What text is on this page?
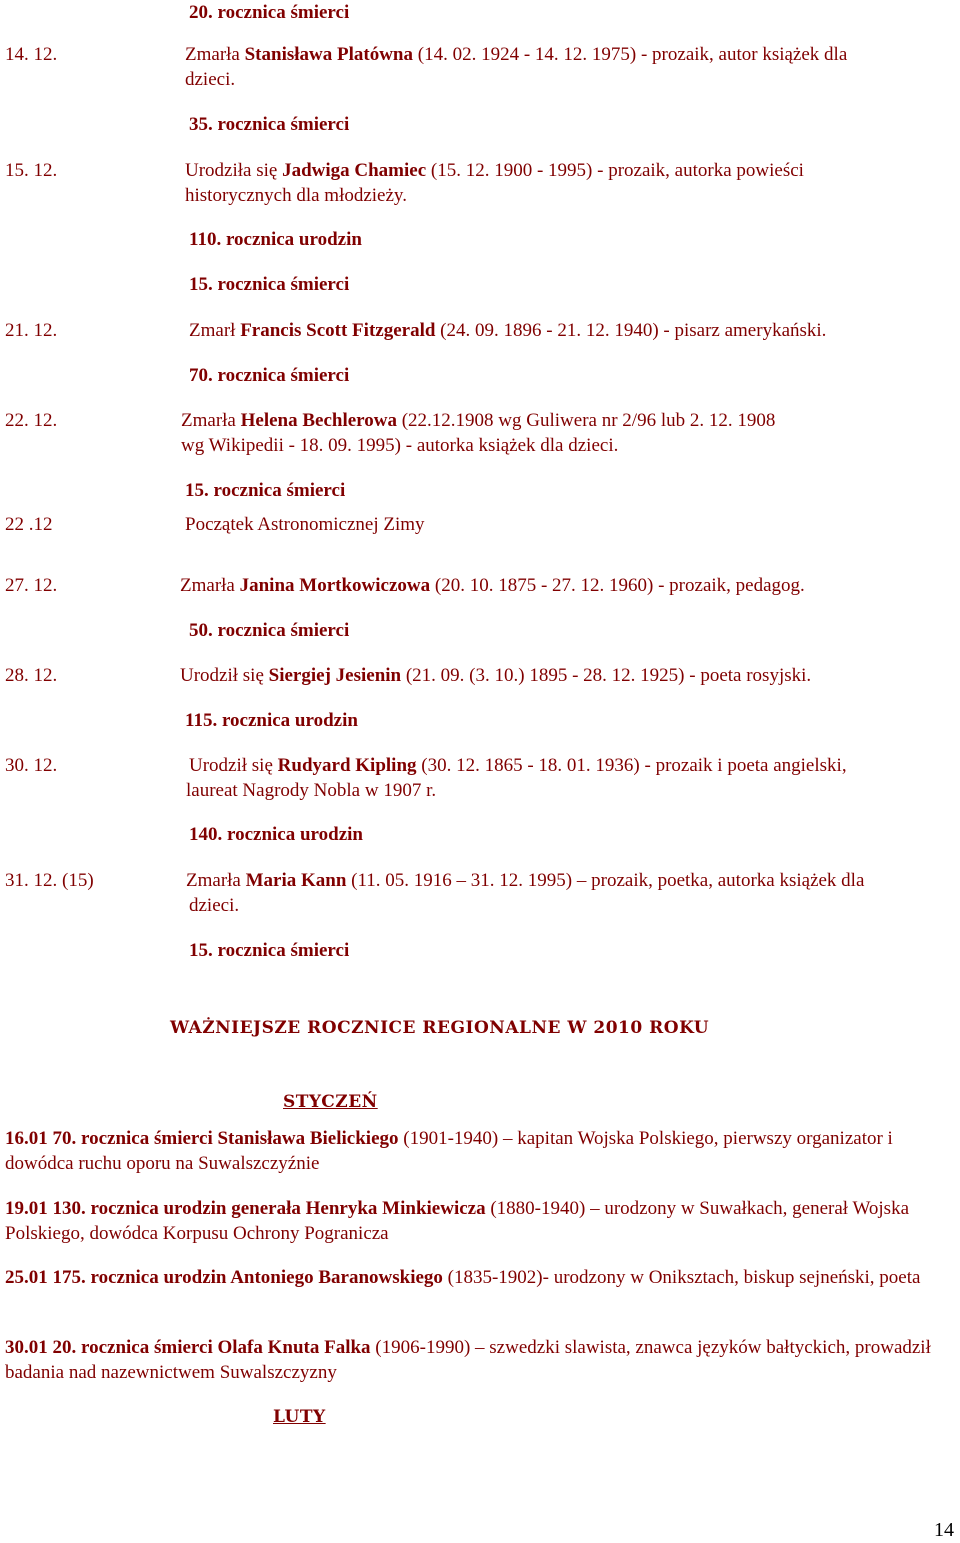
20. rocznica śmierci
14. 12.	Zmarła Stanisława Platówna (14. 02. 1924 - 14. 12. 1975) - prozaik, autor książek dla
dzieci.
35. rocznica śmierci
15. 12.	Urodziła się Jadwiga Chamiec (15. 12. 1900 - 1995) - prozaik, autorka powieści
historycznych dla młodzieży.
110. rocznica urodzin
15. rocznica śmierci
21. 12.	Zmarł Francis Scott Fitzgerald (24. 09. 1896 - 21. 12. 1940) - pisarz amerykański.
70. rocznica śmierci
22. 12.	Zmarła Helena Bechlerowa (22.12.1908 wg Guliwera nr 2/96 lub 2. 12. 1908
wg Wikipedii - 18. 09. 1995) - autorka książek dla dzieci.
15. rocznica śmierci
22 .12	Początek Astronomicznej Zimy
27. 12.	Zmarła Janina Mortkowiczowa (20. 10. 1875 - 27. 12. 1960) - prozaik, pedagog.
50. rocznica śmierci
28. 12.	Urodził się Siergiej Jesienin (21. 09. (3. 10.) 1895 - 28. 12. 1925) - poeta rosyjski.
115. rocznica urodzin
30. 12.	Urodził się Rudyard Kipling (30. 12. 1865 - 18. 01. 1936) - prozaik i poeta angielski,
laureat Nagrody Nobla w 1907 r.
140. rocznica urodzin
31. 12. (15)	Zmarła Maria Kann (11. 05. 1916 – 31. 12. 1995) – prozaik, poetka, autorka książek dla
dzieci.
15. rocznica śmierci
WAŻNIEJSZE ROCZNICE REGIONALNE W 2010 ROKU
STYCZEŃ
16.01 70. rocznica śmierci Stanisława Bielickiego (1901-1940) – kapitan Wojska Polskiego, pierwszy organizator i dowódca ruchu oporu na Suwalszczyźnie
19.01 130. rocznica urodzin generała Henryka Minkiewicza (1880-1940) – urodzony w Suwałkach, generał Wojska Polskiego, dowódca Korpusu Ochrony Pogranicza
25.01 175. rocznica urodzin Antoniego Baranowskiego (1835-1902)- urodzony w Oniksztach, biskup sejneński, poeta
30.01 20. rocznica śmierci Olafa Knuta Falka (1906-1990) – szwedzki slawista, znawca języków bałtyckich, prowadził badania nad nazewnictwem Suwalszczyzny
LUTY
14
